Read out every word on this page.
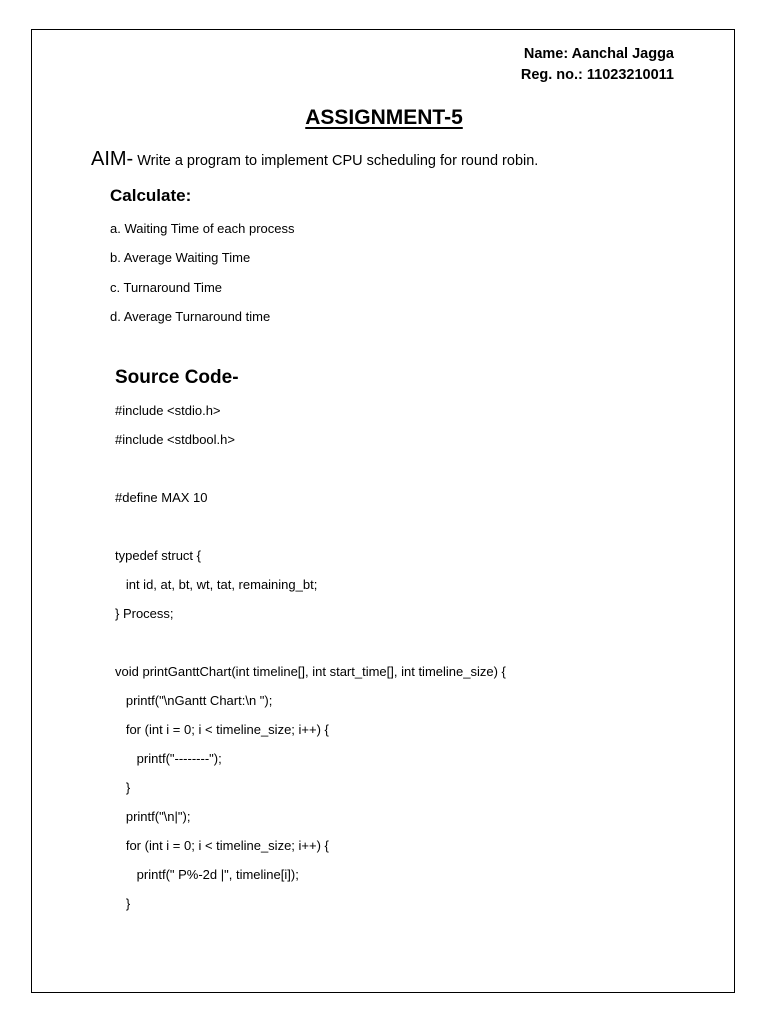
Name: Aanchal Jagga
Reg. no.: 11023210011
ASSIGNMENT-5
AIM- Write a program to implement CPU scheduling for round robin.
Calculate:
a. Waiting Time of each process
b. Average Waiting Time
c. Turnaround Time
d. Average Turnaround time
Source Code-
#include <stdio.h>
#include <stdbool.h>
#define MAX 10
typedef struct {
int id, at, bt, wt, tat, remaining_bt;
} Process;
void printGanttChart(int timeline[], int start_time[], int timeline_size) {
printf("\nGantt Chart:\n ");
for (int i = 0; i < timeline_size; i++) {
printf("--------");
}
printf("\n|");
for (int i = 0; i < timeline_size; i++) {
printf(" P%-2d |", timeline[i]);
}
